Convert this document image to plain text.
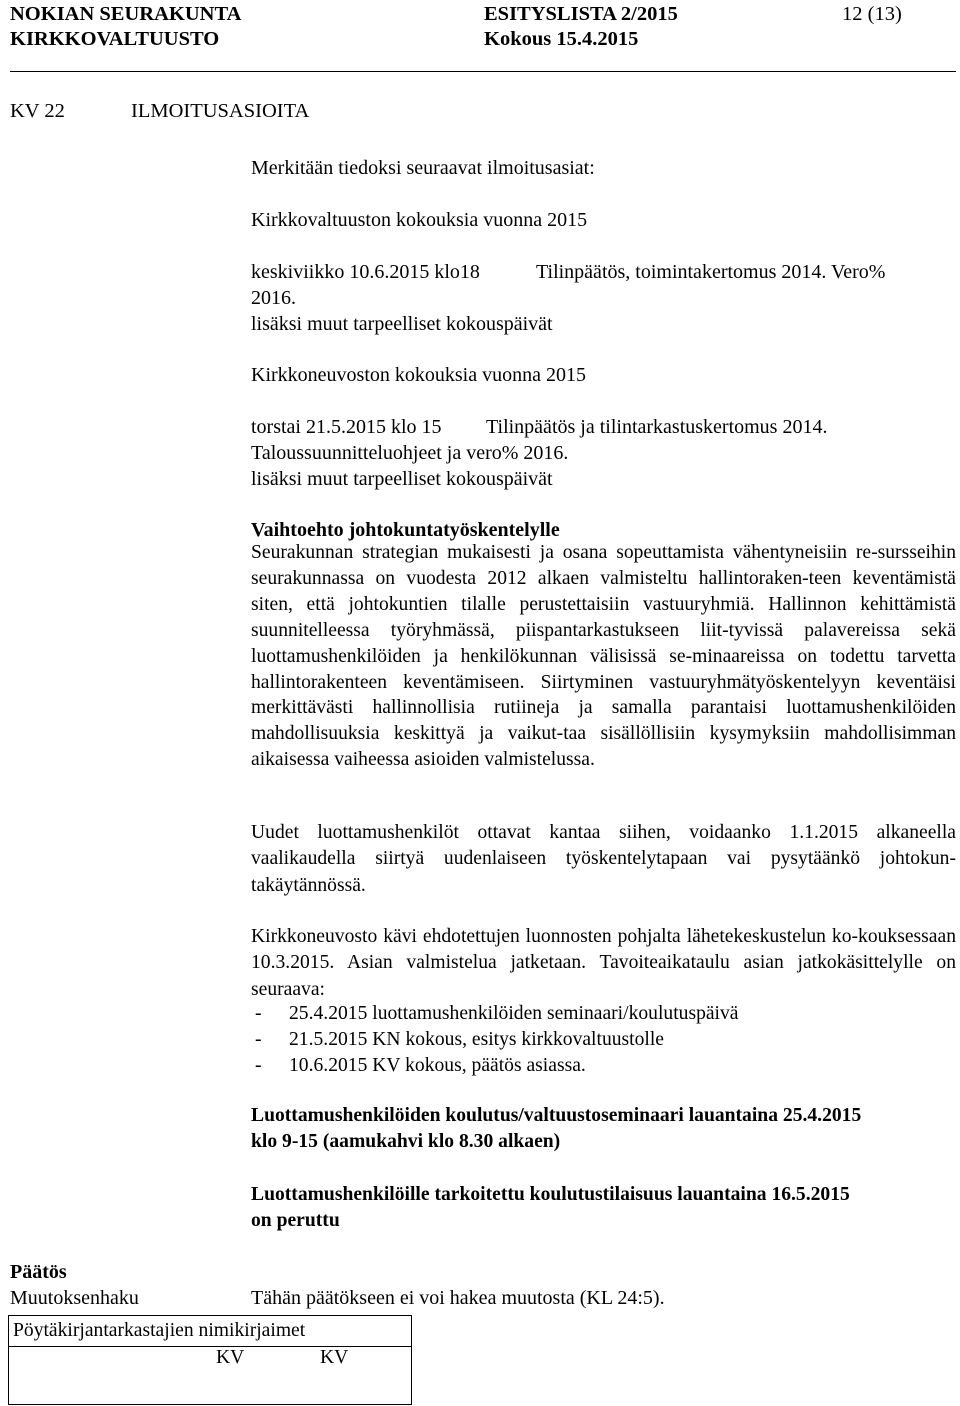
NOKIAN SEURAKUNTA
KIRKKOVALTUUSTO
ESITYSLISTA 2/2015
Kokous 15.4.2015
12 (13)
KV 22	ILMOITUSASIOITA
Merkitään tiedoksi seuraavat ilmoitusasiat:
Kirkkovaltuuston kokouksia vuonna 2015
keskiviikko 10.6.2015 klo18	Tilinpäätös, toimintakertomus 2014. Vero%
2016.
lisäksi muut tarpeelliset kokouspäivät
Kirkkoneuvoston kokouksia vuonna 2015
torstai 21.5.2015 klo 15 Tilinpäätös ja tilintarkastuskertomus 2014.
Taloussuunnitteluohjeet ja vero% 2016.
lisäksi muut tarpeelliset kokouspäivät
Vaihtoehto johtokuntatyöskentelylle

Seurakunnan strategian mukaisesti ja osana sopeuttamista vähentyneisiin re-sursseihin seurakunnassa on vuodesta 2012 alkaen valmisteltu hallintoraken-teen keventämistä siten, että johtokuntien tilalle perustettaisiin vastuuryhmiä. Hallinnon kehittämistä suunnitelleessa työryhmässä, piispantarkastukseen liit-tyvissä palavereissa sekä luottamushenkilöiden ja henkilökunnan välisissä se-minaareissa on todettu tarvetta hallintorakenteen keventämiseen. Siirtyminen vastuuryhmätyöskentelyyn keventäisi merkittävästi hallinnollisia rutiineja ja samalla parantaisi luottamushenkilöiden mahdollisuuksia keskittyä ja vaikut-taa sisällöllisiin kysymyksiin mahdollisimman aikaisessa vaiheessa asioiden valmistelussa.

Uudet luottamushenkilöt ottavat kantaa siihen, voidaanko 1.1.2015 alkaneella vaalikaudella siirtyä uudenlaiseen työskentelytapaan vai pysytäänkö johtokun-takäytännössä.

Kirkkoneuvosto kävi ehdotettujen luonnosten pohjalta lähetekeskustelun ko-kouksessaan 10.3.2015. Asian valmistelua jatketaan. Tavoiteaikataulu asian jatkokäsittelylle on seuraava:

- 25.4.2015 luottamushenkilöiden seminaari/koulutuspäivä
- 21.5.2015 KN kokous, esitys kirkkovaltuustolle
- 10.6.2015 KV kokous, päätös asiassa.
Luottamushenkilöiden koulutus/valtuustoseminaari lauantaina 25.4.2015
klo 9-15 (aamukahvi klo 8.30 alkaen)
Luottamushenkilöille tarkoitettu koulutustilaisuus lauantaina 16.5.2015
on peruttu
Päätös
Muutoksenhaku	Tähän päätökseen ei voi hakea muutosta (KL 24:5).
Pöytäkirjantarkastajien nimikirjaimet
KV	KV
